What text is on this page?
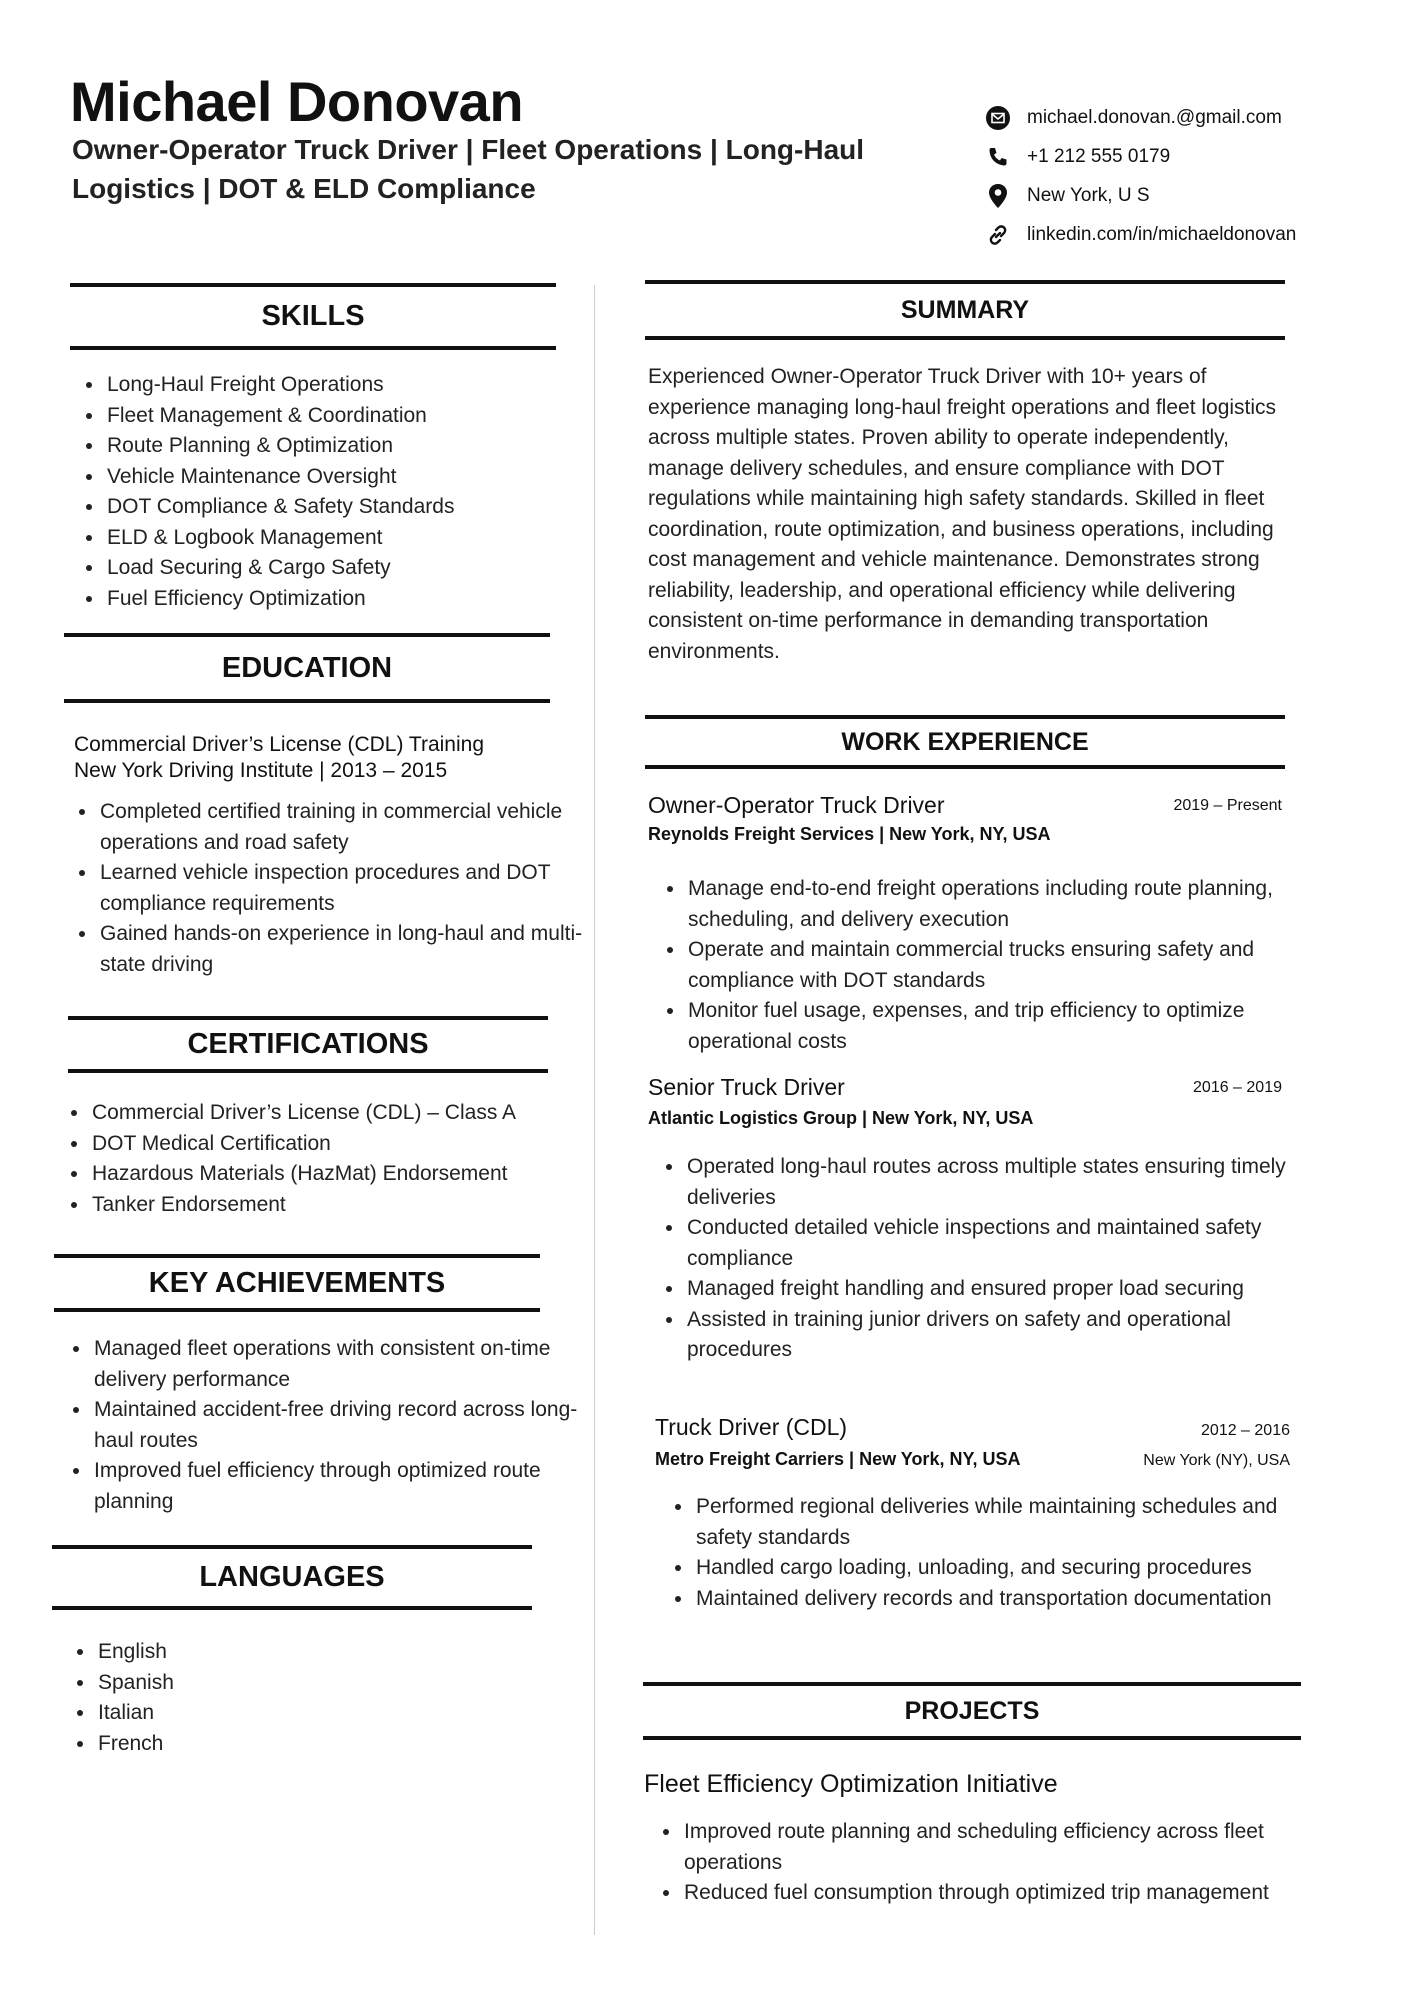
Michael Donovan
Owner-Operator Truck Driver | Fleet Operations | Long-Haul
Logistics | DOT & ELD Compliance
michael.donovan.@gmail.com
+1 212 555 0179
New York, U S
linkedin.com/in/michaeldonovan
SKILLS
• Long-Haul Freight Operations
• Fleet Management & Coordination
• Route Planning & Optimization
• Vehicle Maintenance Oversight
• DOT Compliance & Safety Standards
• ELD & Logbook Management
• Load Securing & Cargo Safety
• Fuel Efficiency Optimization
EDUCATION
Commercial Driver’s License (CDL) Training
New York Driving Institute | 2013 – 2015
• Completed certified training in commercial vehicle operations and road safety
• Learned vehicle inspection procedures and DOT compliance requirements
• Gained hands-on experience in long-haul and multi-state driving
CERTIFICATIONS
• Commercial Driver’s License (CDL) – Class A
• DOT Medical Certification
• Hazardous Materials (HazMat) Endorsement
• Tanker Endorsement
KEY ACHIEVEMENTS
• Managed fleet operations with consistent on-time delivery performance
• Maintained accident-free driving record across long-haul routes
• Improved fuel efficiency through optimized route planning
LANGUAGES
• English
• Spanish
• Italian
• French
SUMMARY

Experienced Owner-Operator Truck Driver with 10+ years of experience managing long-haul freight operations and fleet logistics across multiple states. Proven ability to operate independently, manage delivery schedules, and ensure compliance with DOT regulations while maintaining high safety standards. Skilled in fleet coordination, route optimization, and business operations, including cost management and vehicle maintenance. Demonstrates strong reliability, leadership, and operational efficiency while delivering consistent on-time performance in demanding transportation environments.

WORK EXPERIENCE
Owner-Operator Truck Driver	2019 – Present
Reynolds Freight Services | New York, NY, USA
• Manage end-to-end freight operations including route planning, scheduling, and delivery execution
• Operate and maintain commercial trucks ensuring safety and compliance with DOT standards
• Monitor fuel usage, expenses, and trip efficiency to optimize operational costs
Senior Truck Driver	2016 – 2019
Atlantic Logistics Group | New York, NY, USA
• Operated long-haul routes across multiple states ensuring timely deliveries
• Conducted detailed vehicle inspections and maintained safety compliance
• Managed freight handling and ensured proper load securing
• Assisted in training junior drivers on safety and operational procedures
Truck Driver (CDL)	2012 – 2016
Metro Freight Carriers | New York, NY, USA	New York (NY), USA
• Performed regional deliveries while maintaining schedules and safety standards
• Handled cargo loading, unloading, and securing procedures
• Maintained delivery records and transportation documentation
PROJECTS
Fleet Efficiency Optimization Initiative
• Improved route planning and scheduling efficiency across fleet operations
• Reduced fuel consumption through optimized trip management
